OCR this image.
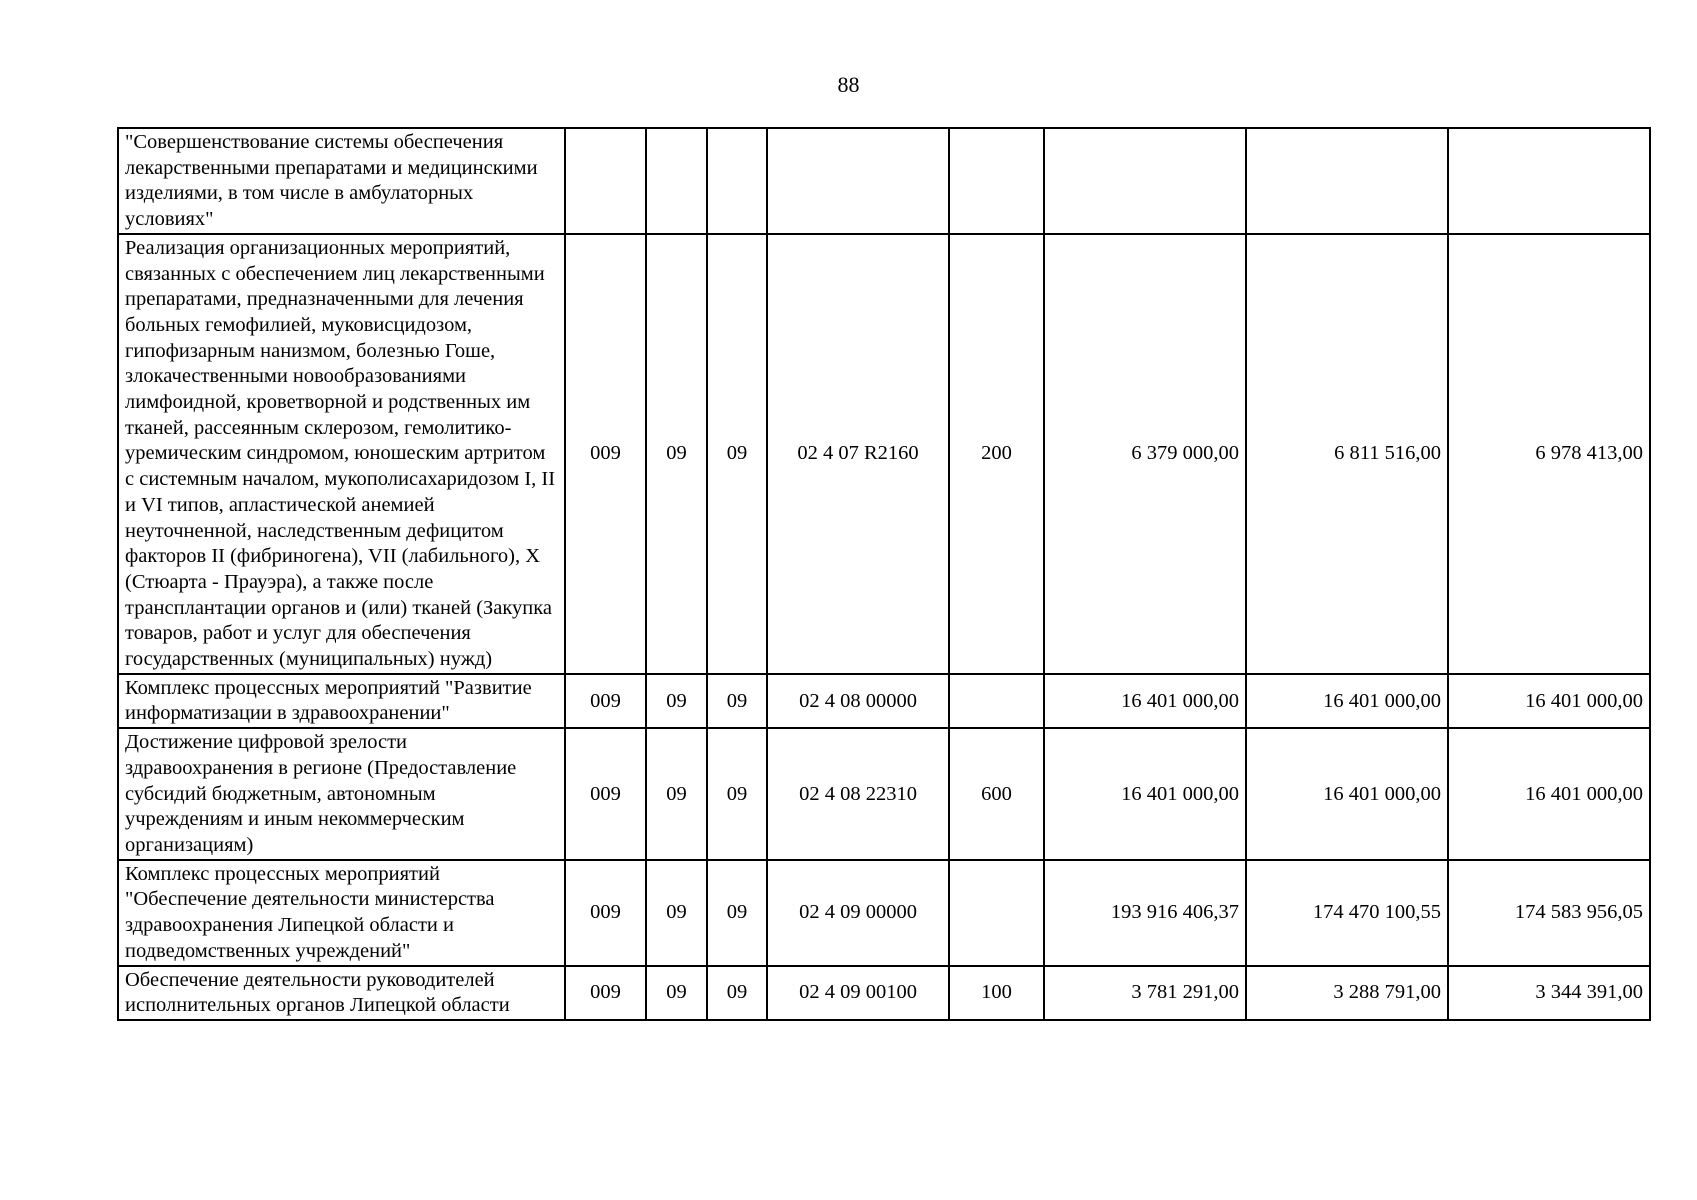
88
"Совершенствование системы обеспечения лекарственными препаратами и медицинскими изделиями, в том числе в амбулаторных условиях"								
Реализация организационных мероприятий, связанных с обеспечением лиц лекарственными препаратами, предназначенными для лечения больных гемофилией, муковисцидозом, гипофизарным нанизмом, болезнью Гоше, злокачественными новообразованиями лимфоидной, кроветворной и родственных им тканей, рассеянным склерозом, гемолитико-уремическим синдромом, юношеским артритом с системным началом, мукополисахаридозом I, II и VI типов, апластической анемией неуточненной, наследственным дефицитом факторов II (фибриногена), VII (лабильного), X (Стюарта - Прауэра), а также после трансплантации органов и (или) тканей (Закупка товаров, работ и услуг для обеспечения государственных (муниципальных) нужд)	009	09	09	02 4 07 R2160	200	6 379 000,00	6 811 516,00	6 978 413,00
Комплекс процессных мероприятий "Развитие информатизации в здравоохранении"	009	09	09	02 4 08 00000		16 401 000,00	16 401 000,00	16 401 000,00
Достижение цифровой зрелости здравоохранения в регионе (Предоставление субсидий бюджетным, автономным учреждениям и иным некоммерческим организациям)	009	09	09	02 4 08 22310	600	16 401 000,00	16 401 000,00	16 401 000,00
Комплекс процессных мероприятий "Обеспечение деятельности министерства здравоохранения Липецкой области и подведомственных учреждений"	009	09	09	02 4 09 00000		193 916 406,37	174 470 100,55	174 583 956,05
Обеспечение деятельности руководителей исполнительных органов Липецкой области	009	09	09	02 4 09 00100	100	3 781 291,00	3 288 791,00	3 344 391,00
